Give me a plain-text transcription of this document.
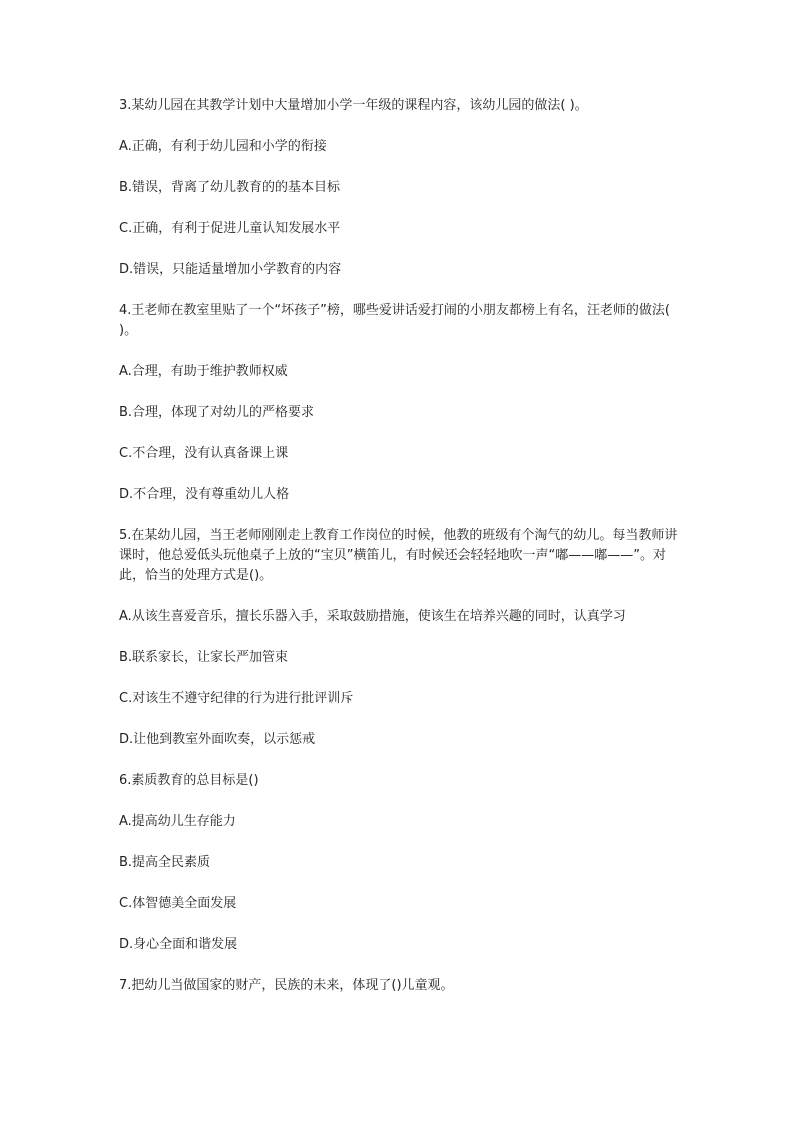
3.某幼儿园在其教学计划中大量增加小学一年级的课程内容，该幼儿园的做法( )。

A.正确，有利于幼儿园和小学的衔接

B.错误，背离了幼儿教育的的基本目标

C.正确，有利于促进儿童认知发展水平

D.错误，只能适量增加小学教育的内容

4.王老师在教室里贴了一个“坏孩子”榜，哪些爱讲话爱打闹的小朋友都榜上有名，汪老师的做法( )。

A.合理，有助于维护教师权威

B.合理，体现了对幼儿的严格要求

C.不合理，没有认真备课上课

D.不合理，没有尊重幼儿人格

5.在某幼儿园，当王老师刚刚走上教育工作岗位的时候，他教的班级有个淘气的幼儿。每当教师讲课时，他总爱低头玩他桌子上放的“宝贝”横笛儿，有时候还会轻轻地吹一声“嘟——嘟——”。对此，恰当的处理方式是()。

A.从该生喜爱音乐，擅长乐器入手，采取鼓励措施，使该生在培养兴趣的同时，认真学习

B.联系家长，让家长严加管束

C.对该生不遵守纪律的行为进行批评训斥

D.让他到教室外面吹奏，以示惩戒

6.素质教育的总目标是()

A.提高幼儿生存能力

B.提高全民素质

C.体智德美全面发展

D.身心全面和谐发展

7.把幼儿当做国家的财产，民族的未来，体现了()儿童观。
